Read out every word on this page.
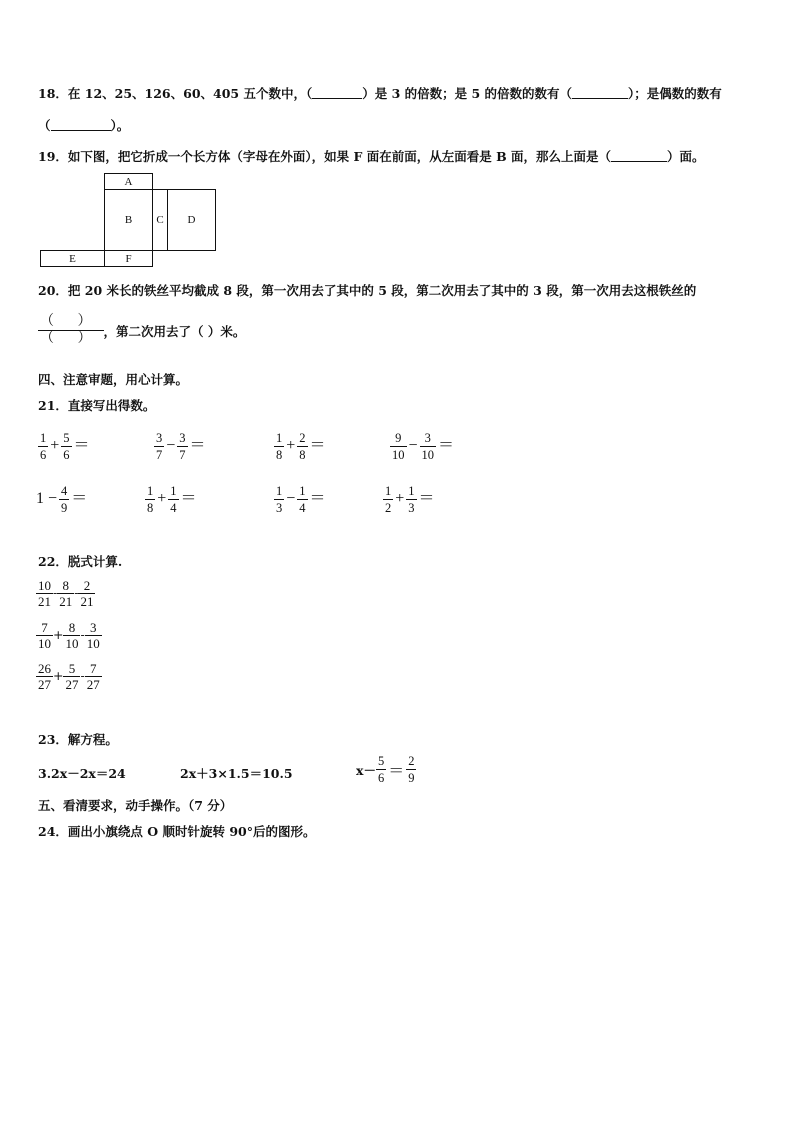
18．在 12、25、126、60、405 五个数中，（	）是 3 的倍数；是 5 的倍数的数有（	）；是偶数的数有
（	）。
19．如下图，把它折成一个长方体（字母在外面），如果 F 面在前面，从左面看是 B 面，那么上面是（	）面。
A
B	C	D
E	F
20．把 20 米长的铁丝平均截成 8 段，第一次用去了其中的 5 段，第二次用去了其中的 3 段，第一次用去这根铁丝的
$\frac{( )}{( )}$ ，第二次用去了（ ）米。
四、注意审题，用心计算。
21．直接写出得数。
$\frac{1}{6} + \frac{5}{6}$ ＝	$\frac{3}{7} - \frac{3}{7}$ ＝	$\frac{1}{8} + \frac{2}{8}$ ＝	$\frac{9}{10} - \frac{3}{10}$ ＝
$1 - \frac{4}{9}$ ＝	$\frac{1}{8} + \frac{1}{4}$ ＝	$\frac{1}{3} - \frac{1}{4}$ ＝	$\frac{1}{2} + \frac{1}{3}$ ＝
22．脱式计算.
$\frac{10}{21} - \frac{8}{21} - \frac{2}{21}$
$\frac{7}{10} + \frac{8}{10} - \frac{3}{10}$
$\frac{26}{27} + \frac{5}{27} - \frac{7}{27}$
23．解方程。
3.2x－2x＝24	2x＋3×1.5＝10.5	$x- \frac{5}{6} = \frac{2}{9}$
五、看清要求，动手操作。（7 分）
24．画出小旗绕点 O 顺时针旋转 90°后的图形。
